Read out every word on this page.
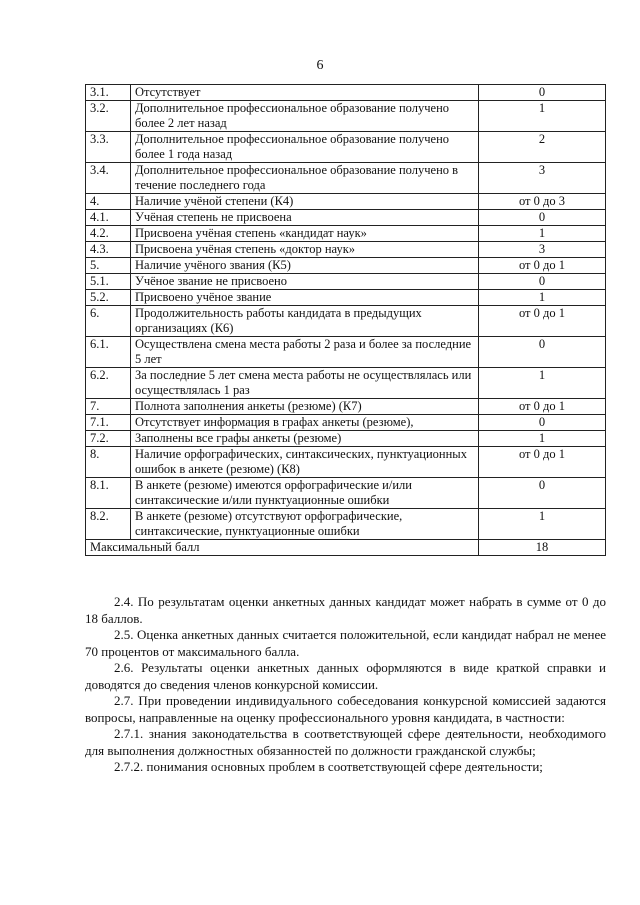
6
3.1.	Отсутствует	0
3.2.	Дополнительное профессиональное образование получено более 2 лет назад	1
3.3.	Дополнительное профессиональное образование получено более 1 года назад	2
3.4.	Дополнительное профессиональное образование получено в течение последнего года	3
4.	Наличие учёной степени (К4)	от 0 до 3
4.1.	Учёная степень не присвоена	0
4.2.	Присвоена учёная степень «кандидат наук»	1
4.3.	Присвоена учёная степень «доктор наук»	3
5.	Наличие учёного звания (К5)	от 0 до 1
5.1.	Учёное звание не присвоено	0
5.2.	Присвоено учёное звание	1
6.	Продолжительность работы кандидата в предыдущих организациях (К6)	от 0 до 1
6.1.	Осуществлена смена места работы 2 раза и более за последние 5 лет	0
6.2.	За последние 5 лет смена места работы не осуществлялась или осуществлялась 1 раз	1
7.	Полнота заполнения анкеты (резюме) (К7)	от 0 до 1
7.1.	Отсутствует информация в графах анкеты (резюме),	0
7.2.	Заполнены все графы анкеты (резюме)	1
8.	Наличие орфографических, синтаксических, пунктуационных ошибок в анкете (резюме) (К8)	от 0 до 1
8.1.	В анкете (резюме) имеются орфографические и/или синтаксические и/или пунктуационные ошибки	0
8.2.	В анкете (резюме) отсутствуют орфографические, синтаксические, пунктуационные ошибки	1
Максимальный балл		18

2.4. По результатам оценки анкетных данных кандидат может набрать в сумме от 0 до 18 баллов.

2.5. Оценка анкетных данных считается положительной, если кандидат набрал не менее 70 процентов от максимального балла.

2.6. Результаты оценки анкетных данных оформляются в виде краткой справки и доводятся до сведения членов конкурсной комиссии.

2.7. При проведении индивидуального собеседования конкурсной комиссией задаются вопросы, направленные на оценку профессионального уровня кандидата, в частности:

2.7.1. знания законодательства в соответствующей сфере деятельности, необходимого для выполнения должностных обязанностей по должности гражданской службы;

2.7.2. понимания основных проблем в соответствующей сфере деятельности;
